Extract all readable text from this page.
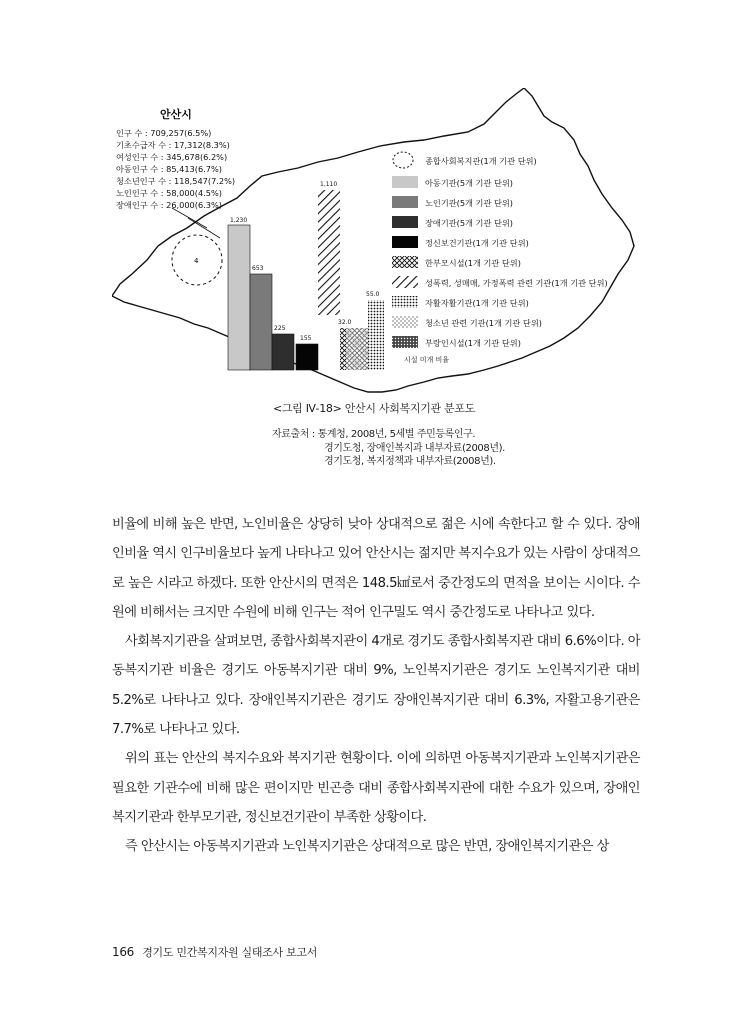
4
안산시
인구 수 : 709,257(6.5%)
기초수급자 수 : 17,312(8.3%)
여성인구 수 : 345,678(6.2%)
아동인구 수 : 85,413(6.7%)
청소년인구 수 : 118,547(7.2%)
노인인구 수 : 58,000(4.5%)
장애인구 수 : 26,000(6.3%)
1,230
653
225
155
1,110
55.0
32.0
종합사회복지관(1개 기관 단위)
아동기관(5개 기관 단위)
노인기관(5개 기관 단위)
장애기관(5개 기관 단위)
정신보건기관(1개 기관 단위)
한부모시설(1개 기관 단위)
성폭력, 성매매, 가정폭력 관련 기관(1개 기관 단위)
자활자활기관(1개 기관 단위)
청소년 관련 기관(1개 기관 단위)
부랑인시설(1개 기관 단위)
시설 미개 비율
<그림 Ⅳ-18> 안산시 사회복지기관 분포도
자료출처 : 통계청, 2008년, 5세별 주민등록인구.
경기도청, 장애인복지과 내부자료(2008년).
경기도청, 복지정책과 내부자료(2008년).

비율에 비해 높은 반면, 노인비율은 상당히 낮아 상대적으로 젊은 시에 속한다고 할 수 있다. 장애인비율 역시 인구비율보다 높게 나타나고 있어 안산시는 젊지만 복지수요가 있는 사람이 상대적으로 높은 시라고 하겠다. 또한 안산시의 면적은 148.5㎢로서 중간정도의 면적을 보이는 시이다. 수원에 비해서는 크지만 수원에 비해 인구는 적어 인구밀도 역시 중간정도로 나타나고 있다.

사회복지기관을 살펴보면, 종합사회복지관이 4개로 경기도 종합사회복지관 대비 6.6%이다. 아동복지기관 비율은 경기도 아동복지기관 대비 9%, 노인복지기관은 경기도 노인복지기관 대비 5.2%로 나타나고 있다. 장애인복지기관은 경기도 장애인복지기관 대비 6.3%, 자활고용기관은 7.7%로 나타나고 있다.

위의 표는 안산의 복지수요와 복지기관 현황이다. 이에 의하면 아동복지기관과 노인복지기관은 필요한 기관수에 비해 많은 편이지만 빈곤층 대비 종합사회복지관에 대한 수요가 있으며, 장애인복지기관과 한부모기관, 정신보건기관이 부족한 상황이다.

즉 안산시는 아동복지기관과 노인복지기관은 상대적으로 많은 반면, 장애인복지기관은 상

166 경기도 민간복지자원 실태조사 보고서
